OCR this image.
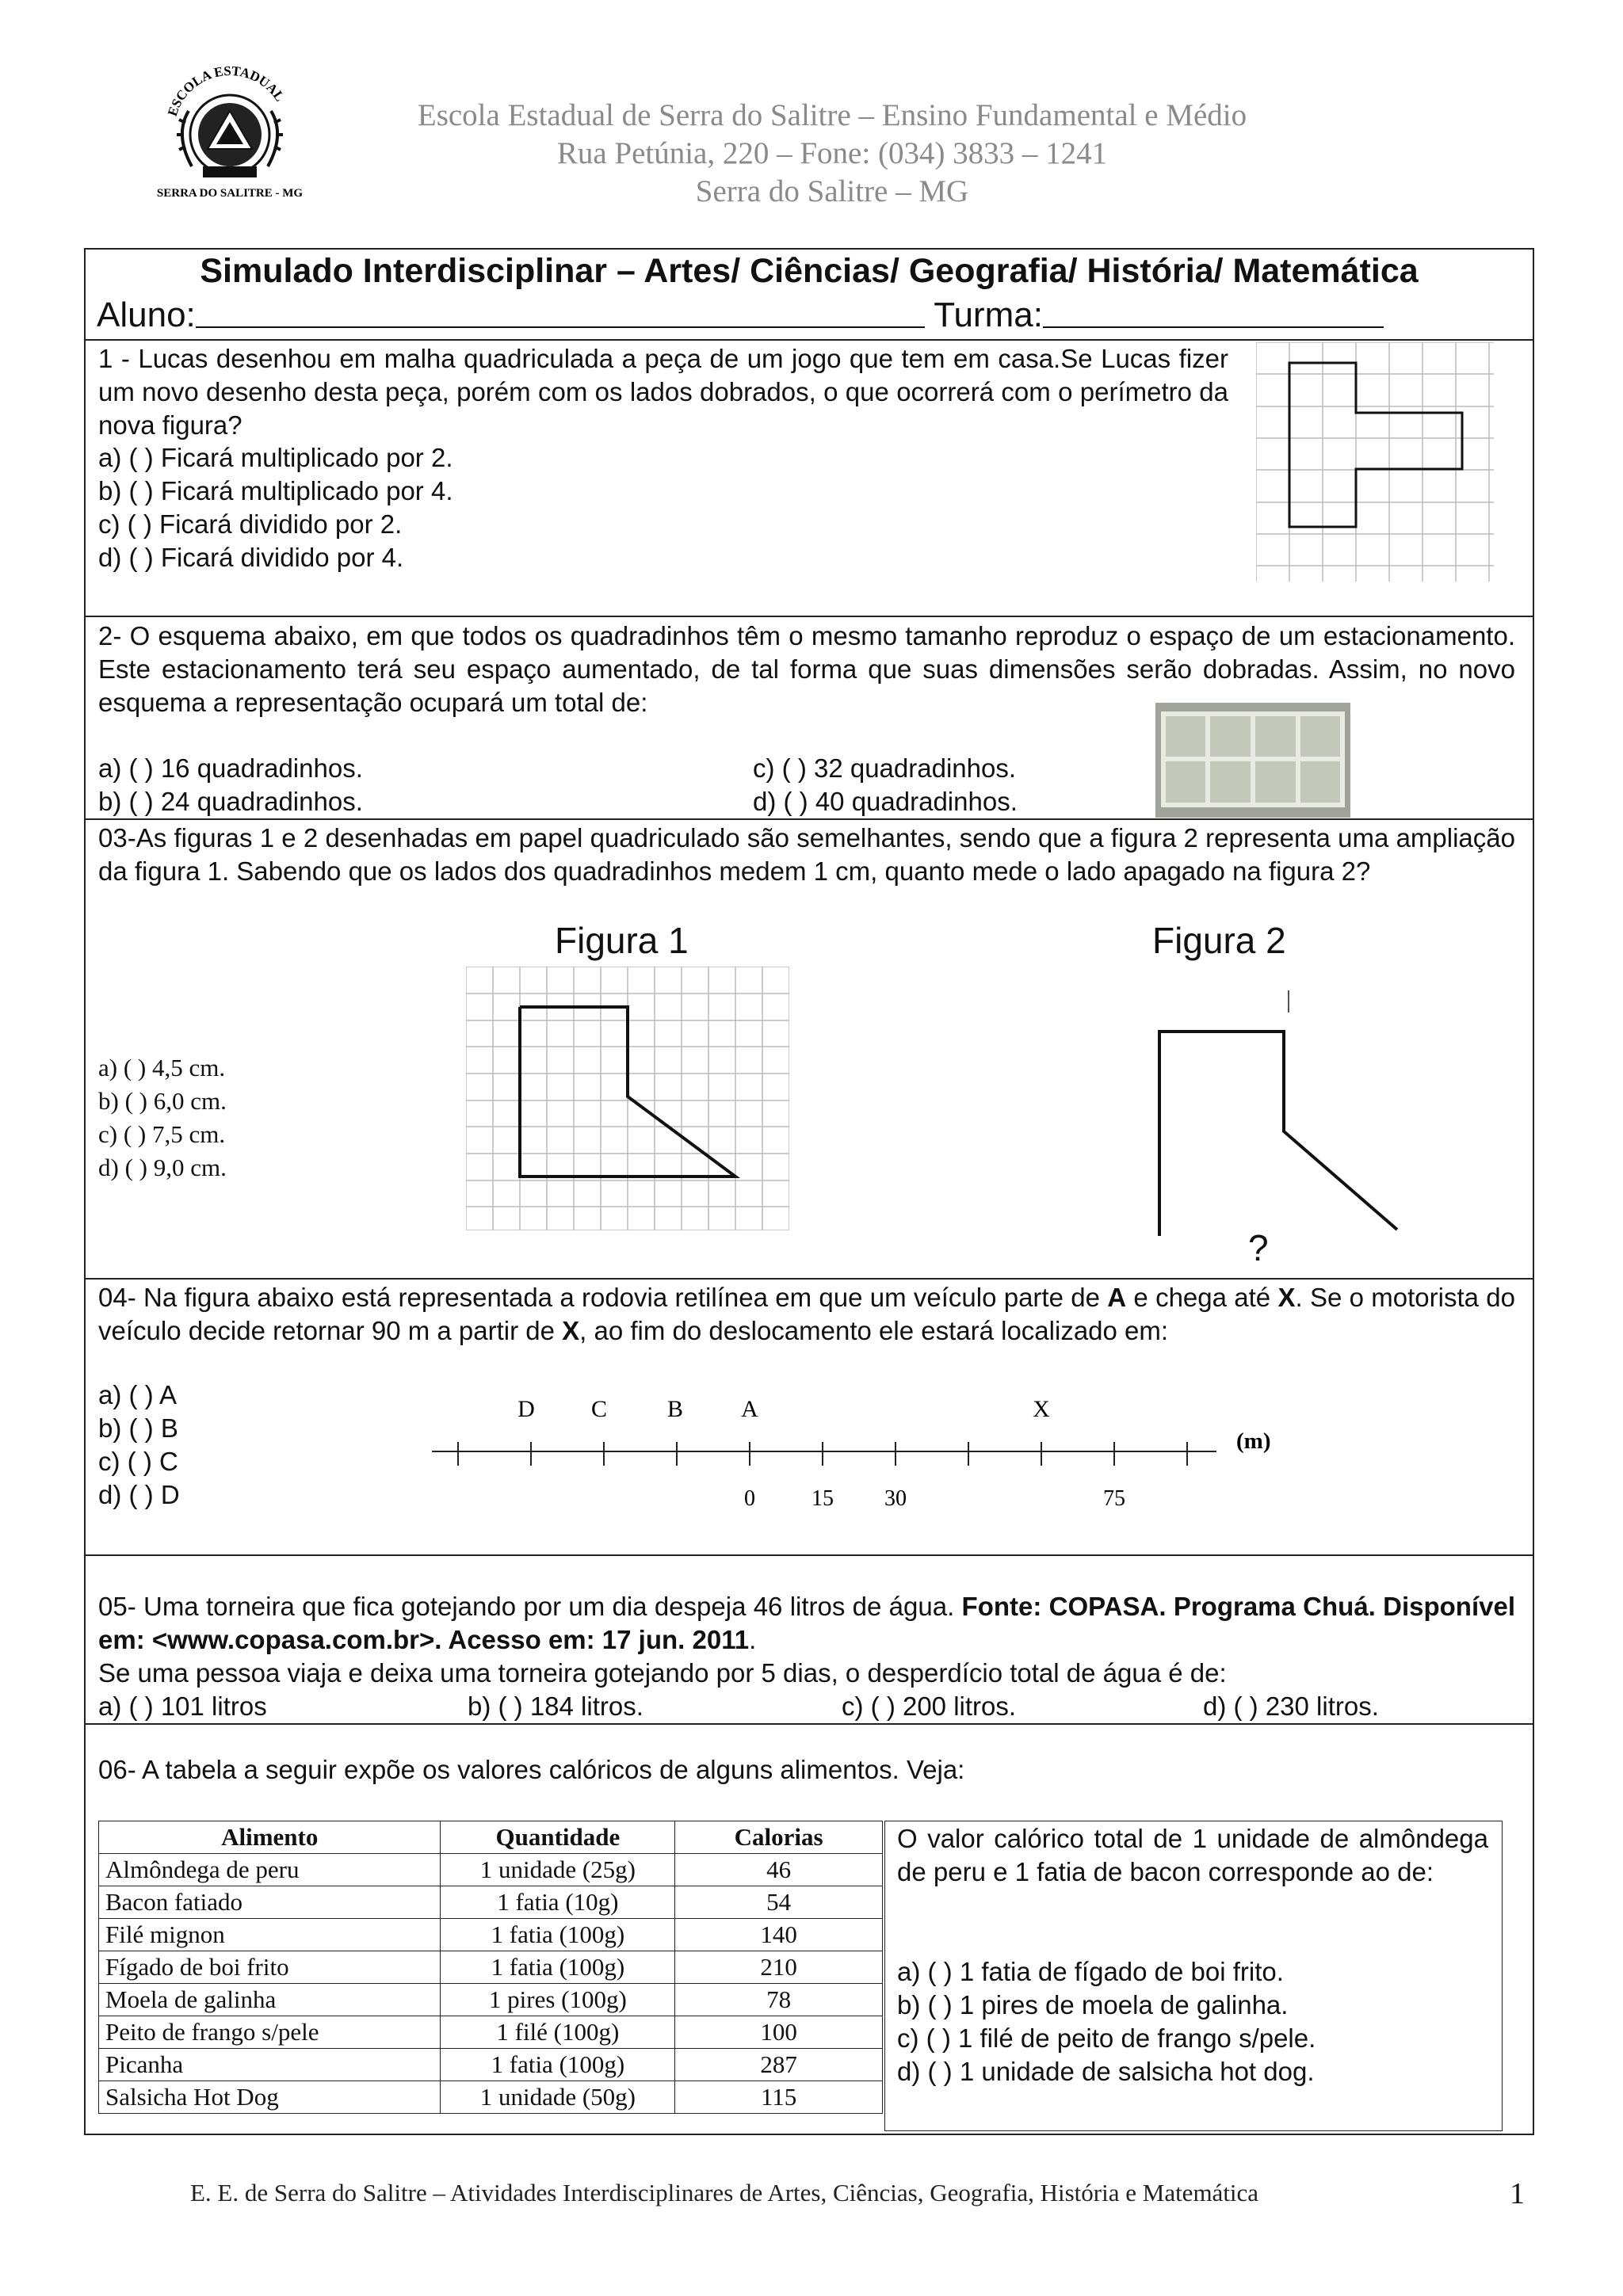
ESCOLA ESTADUAL
SERRA DO SALITRE - MG
Escola Estadual de Serra do Salitre – Ensino Fundamental e Médio
Rua Petúnia, 220 – Fone: (034) 3833 – 1241
Serra do Salitre – MG
Simulado Interdisciplinar – Artes/ Ciências/ Geografia/ História/ Matemática
Aluno:	Turma:
1 - Lucas desenhou em malha quadriculada a peça de um jogo que tem em casa.Se Lucas fizer um novo desenho desta peça, porém com os lados dobrados, o que ocorrerá com o perímetro da nova figura?
a) ( ) Ficará multiplicado por 2.
b) ( ) Ficará multiplicado por 4.
c) ( ) Ficará dividido por 2.
d) ( ) Ficará dividido por 4.
2- O esquema abaixo, em que todos os quadradinhos têm o mesmo tamanho reproduz o espaço de um estacionamento. Este estacionamento terá seu espaço aumentado, de tal forma que suas dimensões serão dobradas. Assim, no novo esquema a representação ocupará um total de:
a) ( ) 16 quadradinhos.
b) ( ) 24 quadradinhos.
c) ( ) 32 quadradinhos.
d) ( ) 40 quadradinhos.
03-As figuras 1 e 2 desenhadas em papel quadriculado são semelhantes, sendo que a figura 2 representa uma ampliação da figura 1. Sabendo que os lados dos quadradinhos medem 1 cm, quanto mede o lado apagado na figura 2?
Figura 1	Figura 2
a) ( ) 4,5 cm.
b) ( ) 6,0 cm.
c) ( ) 7,5 cm.
d) ( ) 9,0 cm.
?
04- Na figura abaixo está representada a rodovia retilínea em que um veículo parte de A e chega até X. Se o motorista do veículo decide retornar 90 m a partir de X, ao fim do deslocamento ele estará localizado em:
a) ( ) A
b) ( ) B
c) ( ) C
d) ( ) D
D C	B A	X
0	15 30	75
(m)
05- Uma torneira que fica gotejando por um dia despeja 46 litros de água. Fonte: COPASA. Programa Chuá. Disponível em: <www.copasa.com.br>. Acesso em: 17 jun. 2011.
Se uma pessoa viaja e deixa uma torneira gotejando por 5 dias, o desperdício total de água é de:
a) ( ) 101 litros	b) ( ) 184 litros.	c) ( ) 200 litros.	d) ( ) 230 litros.
06- A tabela a seguir expõe os valores calóricos de alguns alimentos. Veja:
Alimento	Quantidade	Calorias
Almôndega de peru	1 unidade (25g)	46
Bacon fatiado	1 fatia (10g)	54
Filé mignon	1 fatia (100g)	140
Fígado de boi frito	1 fatia (100g)	210
Moela de galinha	1 pires (100g)	78
Peito de frango s/pele	1 filé (100g)	100
Picanha	1 fatia (100g)	287
Salsicha Hot Dog	1 unidade (50g)	115
O valor calórico total de 1 unidade de almôndega de peru e 1 fatia de bacon corresponde ao de:
a) ( ) 1 fatia de fígado de boi frito.
b) ( ) 1 pires de moela de galinha.
c) ( ) 1 filé de peito de frango s/pele.
d) ( ) 1 unidade de salsicha hot dog.
E. E. de Serra do Salitre – Atividades Interdisciplinares de Artes, Ciências, Geografia, História e Matemática	1
